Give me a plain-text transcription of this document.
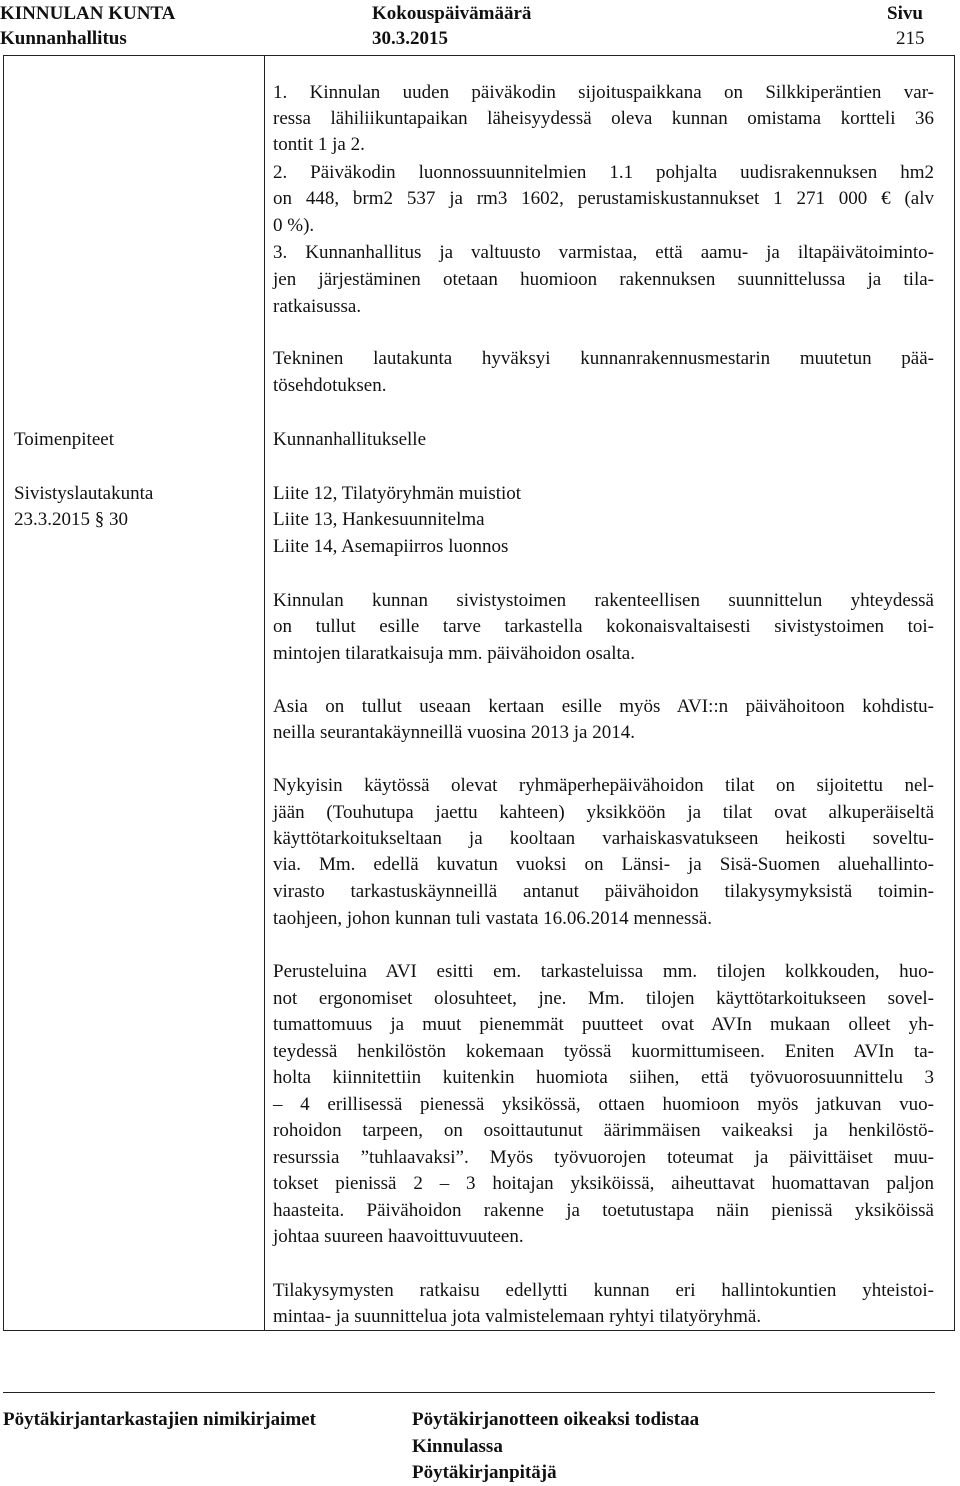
KINNULAN KUNTA
Kunnanhallitus
Kokouspäivämäärä
30.3.2015
Sivu
215
Toimenpiteet
Sivistyslautakunta
23.3.2015 § 30
1. Kinnulan uuden päiväkodin sijoituspaikkana on Silkkiperäntien var-
ressa lähiliikuntapaikan läheisyydessä oleva kunnan omistama kortteli 36
tontit 1 ja 2.
2. Päiväkodin luonnossuunnitelmien 1.1 pohjalta uudisrakennuksen hm2
on 448, brm2 537 ja rm3 1602, perustamiskustannukset 1 271 000 € (alv
0 %).
3. Kunnanhallitus ja valtuusto varmistaa, että aamu- ja iltapäivätoiminto-
jen järjestäminen otetaan huomioon rakennuksen suunnittelussa ja tila-
ratkaisussa.
Tekninen lautakunta hyväksyi kunnanrakennusmestarin muutetun pää-
tösehdotuksen.
Kunnanhallitukselle
Liite 12, Tilatyöryhmän muistiot
Liite 13, Hankesuunnitelma
Liite 14, Asemapiirros luonnos
Kinnulan kunnan sivistystoimen rakenteellisen suunnittelun yhteydessä
on tullut esille tarve tarkastella kokonaisvaltaisesti sivistystoimen toi-
mintojen tilaratkaisuja mm. päivähoidon osalta.
Asia on tullut useaan kertaan esille myös AVI::n päivähoitoon kohdistu-
neilla seurantakäynneillä vuosina 2013 ja 2014.
Nykyisin käytössä olevat ryhmäperhepäivähoidon tilat on sijoitettu nel-
jään (Touhutupa jaettu kahteen) yksikköön ja tilat ovat alkuperäiseltä
käyttötarkoitukseltaan ja kooltaan varhaiskasvatukseen heikosti soveltu-
via. Mm. edellä kuvatun vuoksi on Länsi- ja Sisä-Suomen aluehallinto-
virasto tarkastuskäynneillä antanut päivähoidon tilakysymyksistä toimin-
taohjeen, johon kunnan tuli vastata 16.06.2014 mennessä.
Perusteluina AVI esitti em. tarkasteluissa mm. tilojen kolkkouden, huo-
not ergonomiset olosuhteet, jne. Mm. tilojen käyttötarkoitukseen sovel-
tumattomuus ja muut pienemmät puutteet ovat AVIn mukaan olleet yh-
teydessä henkilöstön kokemaan työssä kuormittumiseen. Eniten AVIn ta-
holta kiinnitettiin kuitenkin huomiota siihen, että työvuorosuunnittelu 3
– 4 erillisessä pienessä yksikössä, ottaen huomioon myös jatkuvan vuo-
rohoidon tarpeen, on osoittautunut äärimmäisen vaikeaksi ja henkilöstö-
resurssia ”tuhlaavaksi”. Myös työvuorojen toteumat ja päivittäiset muu-
tokset pienissä 2 – 3 hoitajan yksiköissä, aiheuttavat huomattavan paljon
haasteita. Päivähoidon rakenne ja toetutustapa näin pienissä yksiköissä
johtaa suureen haavoittuvuuteen.
Tilakysymysten ratkaisu edellytti kunnan eri hallintokuntien yhteistoi-
mintaa- ja suunnittelua jota valmistelemaan ryhtyi tilatyöryhmä.
Pöytäkirjantarkastajien nimikirjaimet	Pöytäkirjanotteen oikeaksi todistaa
Kinnulassa
Pöytäkirjanpitäjä
